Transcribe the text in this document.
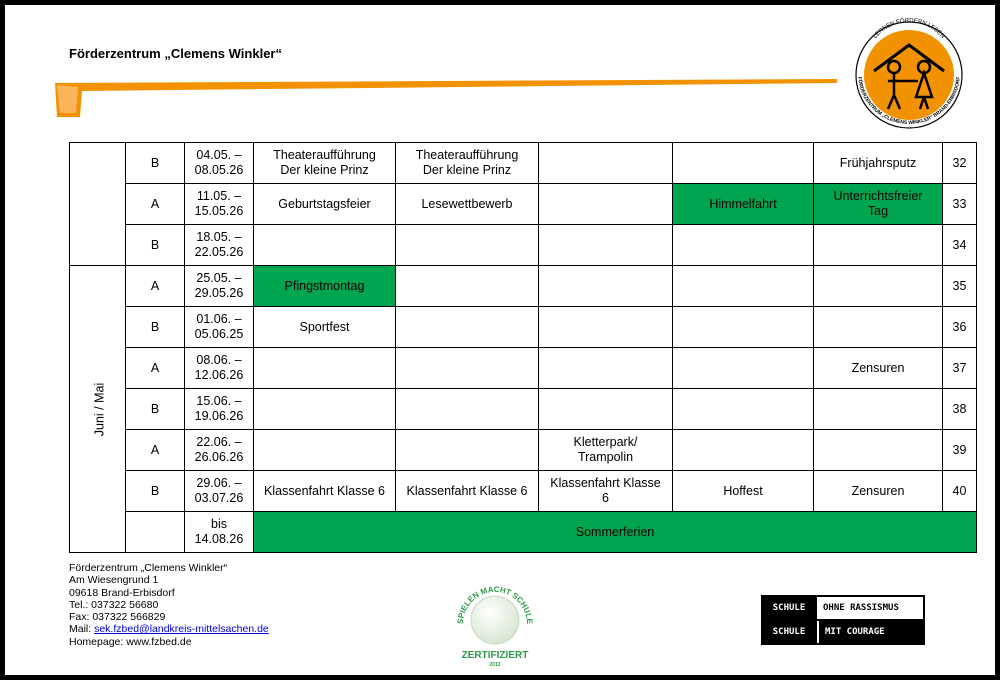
Förderzentrum „Clemens Winkler“
LERNEN FÖRDERN LEBEN
FÖRDERZENTRUM „CLEMENS WINKLER“ BRAND-ERBISDORF
	B	04.05. –
08.05.26	Theateraufführung
Der kleine Prinz	Theateraufführung
Der kleine Prinz			Frühjahrsputz	32	
	A	11.05. –
15.05.26	Geburtstagsfeier	Lesewettbewerb		Himmelfahrt	Unterrichtsfreier
Tag	33	
	B	18.05. –
22.05.26						34	
Juni / Mai	A	25.05. –
29.05.26	Pfingstmontag					35	
	B	01.06. –
05.06.25	Sportfest					36	
	A	08.06. –
12.06.26					Zensuren	37	
	B	15.06. –
19.06.26						38	
	A	22.06. –
26.06.26			Kletterpark/
Trampolin			39	
	B	29.06. –
03.07.26	Klassenfahrt Klasse 6	Klassenfahrt Klasse 6	Klassenfahrt Klasse
6	Hoffest	Zensuren	40	
		bis
14.08.26	Sommerferien						
Förderzentrum „Clemens Winkler“
Am Wiesengrund 1
09618 Brand-Erbisdorf
Tel.: 037322 56680
Fax: 037322 566829
Mail: sek.fzbed@landkreis-mittelsachen.de
Homepage: www.fzbed.de
SPIELEN MACHT SCHULE
ZERTIFIZIERT
2012
SCHULE	OHNE RASSISMUS
SCHULE	MIT COURAGE
